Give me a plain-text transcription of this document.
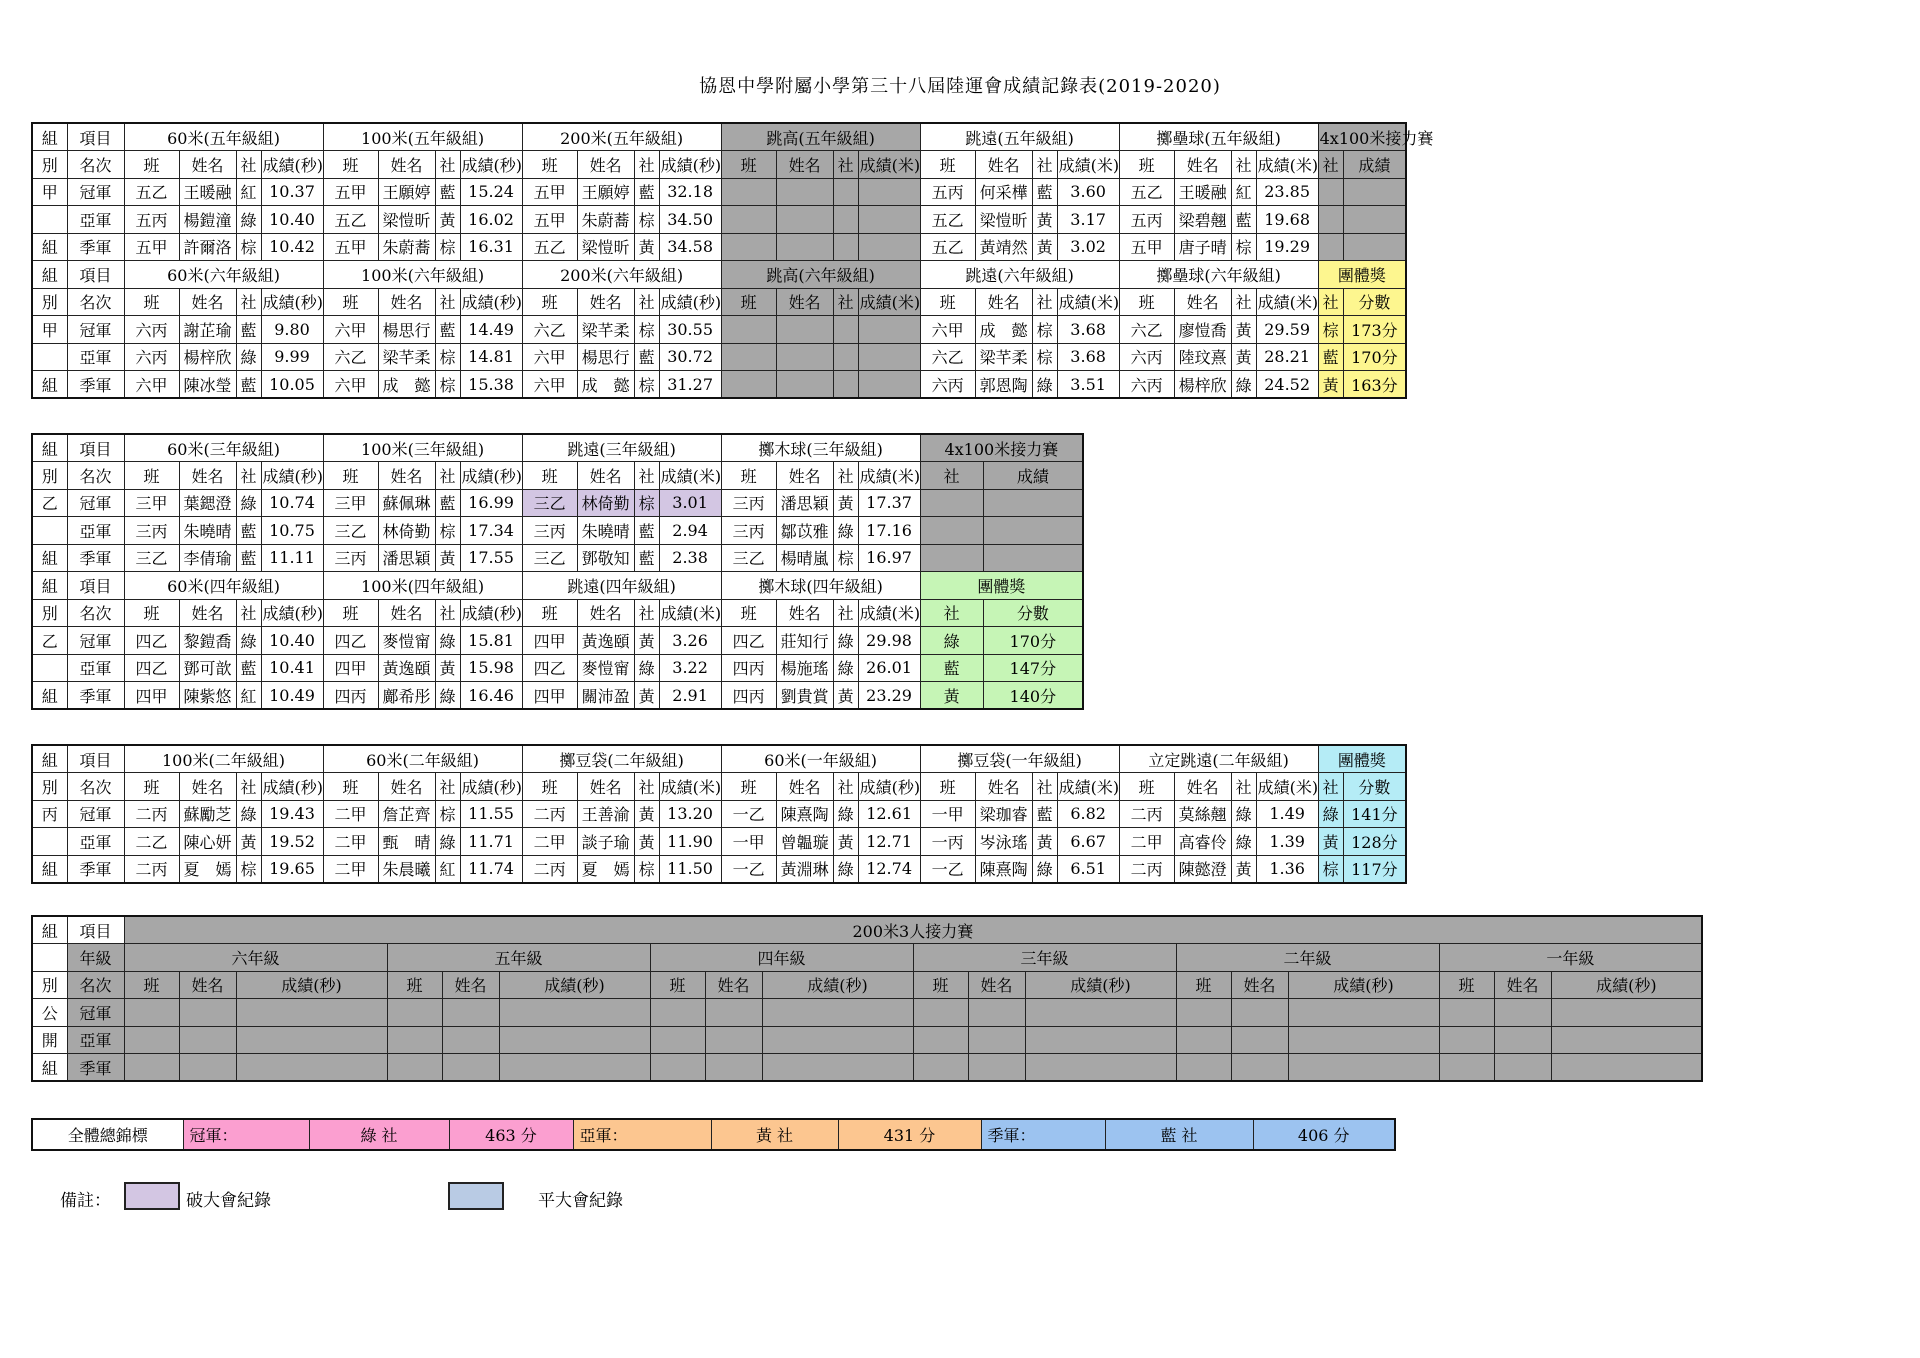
協恩中學附屬小學第三十八屆陸運會成績記錄表(2019-2020)
組	項目	60米(五年級組)				100米(五年級組)				200米(五年級組)				跳高(五年級組)				跳遠(五年級組)				擲壘球(五年級組)				4x100米接力賽	
別	名次	班	姓名	社	成績(秒)	班	姓名	社	成績(秒)	班	姓名	社	成績(秒)	班	姓名	社	成績(米)	班	姓名	社	成績(米)	班	姓名	社	成績(米)	社	成績
甲	冠軍	五乙	王暖融	紅	10.37	五甲	王願婷	藍	15.24	五甲	王願婷	藍	32.18					五丙	何采樺	藍	3.60	五乙	王暖融	紅	23.85		
	亞軍	五丙	楊鎧潼	綠	10.40	五乙	梁愷昕	黃	16.02	五甲	朱蔚蕎	棕	34.50					五乙	梁愷昕	黃	3.17	五丙	梁碧翹	藍	19.68		
組	季軍	五甲	許爾洛	棕	10.42	五甲	朱蔚蕎	棕	16.31	五乙	梁愷昕	黃	34.58					五乙	黃靖然	黃	3.02	五甲	唐子晴	棕	19.29		
組	項目	60米(六年級組)				100米(六年級組)				200米(六年級組)				跳高(六年級組)				跳遠(六年級組)				擲壘球(六年級組)				團體獎	
別	名次	班	姓名	社	成績(秒)	班	姓名	社	成績(秒)	班	姓名	社	成績(秒)	班	姓名	社	成績(米)	班	姓名	社	成績(米)	班	姓名	社	成績(米)	社	分數
甲	冠軍	六丙	謝芷瑜	藍	9.80	六甲	楊思行	藍	14.49	六乙	梁芊柔	棕	30.55					六甲	成　懿	棕	3.68	六乙	廖愷喬	黃	29.59	棕	173分
	亞軍	六丙	楊梓欣	綠	9.99	六乙	梁芊柔	棕	14.81	六甲	楊思行	藍	30.72					六乙	梁芊柔	棕	3.68	六丙	陸玟熹	黃	28.21	藍	170分
組	季軍	六甲	陳冰瑩	藍	10.05	六甲	成　懿	棕	15.38	六甲	成　懿	棕	31.27					六丙	郭恩陶	綠	3.51	六丙	楊梓欣	綠	24.52	黃	163分
組	項目	60米(三年級組)				100米(三年級組)				跳遠(三年級組)				擲木球(三年級組)				4x100米接力賽	
別	名次	班	姓名	社	成績(秒)	班	姓名	社	成績(秒)	班	姓名	社	成績(米)	班	姓名	社	成績(米)	社	成績
乙	冠軍	三甲	葉鍶澄	綠	10.74	三甲	蘇佩琳	藍	16.99	三乙	林倚勤	棕	3.01	三丙	潘思穎	黃	17.37		
	亞軍	三丙	朱曉晴	藍	10.75	三乙	林倚勤	棕	17.34	三丙	朱曉晴	藍	2.94	三丙	鄒苡雅	綠	17.16		
組	季軍	三乙	李倩瑜	藍	11.11	三丙	潘思穎	黃	17.55	三乙	鄧敬知	藍	2.38	三乙	楊晴嵐	棕	16.97		
組	項目	60米(四年級組)				100米(四年級組)				跳遠(四年級組)				擲木球(四年級組)				團體獎	
別	名次	班	姓名	社	成績(秒)	班	姓名	社	成績(秒)	班	姓名	社	成績(米)	班	姓名	社	成績(米)	社	分數
乙	冠軍	四乙	黎鎧喬	綠	10.40	四乙	麥愷甯	綠	15.81	四甲	黃逸頤	黃	3.26	四乙	莊知行	綠	29.98	綠	170分
	亞軍	四乙	鄧可歆	藍	10.41	四甲	黃逸頤	黃	15.98	四乙	麥愷甯	綠	3.22	四丙	楊施瑤	綠	26.01	藍	147分
組	季軍	四甲	陳紫悠	紅	10.49	四丙	鄺希彤	綠	16.46	四甲	關沛盈	黃	2.91	四丙	劉貴賞	黃	23.29	黃	140分
組	項目	100米(二年級組)				60米(二年級組)				擲豆袋(二年級組)				60米(一年級組)				擲豆袋(一年級組)				立定跳遠(二年級組)				團體獎	
別	名次	班	姓名	社	成績(秒)	班	姓名	社	成績(秒)	班	姓名	社	成績(米)	班	姓名	社	成績(秒)	班	姓名	社	成績(米)	班	姓名	社	成績(米)	社	分數
丙	冠軍	二丙	蘇勵芝	綠	19.43	二甲	詹芷齊	棕	11.55	二丙	王善渝	黃	13.20	一乙	陳熹陶	綠	12.61	一甲	梁珈睿	藍	6.82	二丙	莫絲翹	綠	1.49	綠	141分
	亞軍	二乙	陳心妍	黃	19.52	二甲	甄　晴	綠	11.71	二甲	談子瑜	黃	11.90	一甲	曾韞璇	黃	12.71	一丙	岑泳瑤	黃	6.67	二甲	高睿伶	綠	1.39	黃	128分
組	季軍	二丙	夏　嫣	棕	19.65	二甲	朱晨曦	紅	11.74	二丙	夏　嫣	棕	11.50	一乙	黃淵琳	綠	12.74	一乙	陳熹陶	綠	6.51	二丙	陳懿澄	黃	1.36	棕	117分
組	項目	200米3人接力賽																	
	年級	六年級			五年級			四年級			三年級			二年級			一年級		
別	名次	班	姓名	成績(秒)	班	姓名	成績(秒)	班	姓名	成績(秒)	班	姓名	成績(秒)	班	姓名	成績(秒)	班	姓名	成績(秒)
公	冠軍																		
開	亞軍																		
組	季軍																		
全體總錦標	冠軍：	綠 社	463 分	亞軍：	黃 社	431 分	季軍：	藍 社	406 分
備註：	破大會紀錄	平大會紀錄
